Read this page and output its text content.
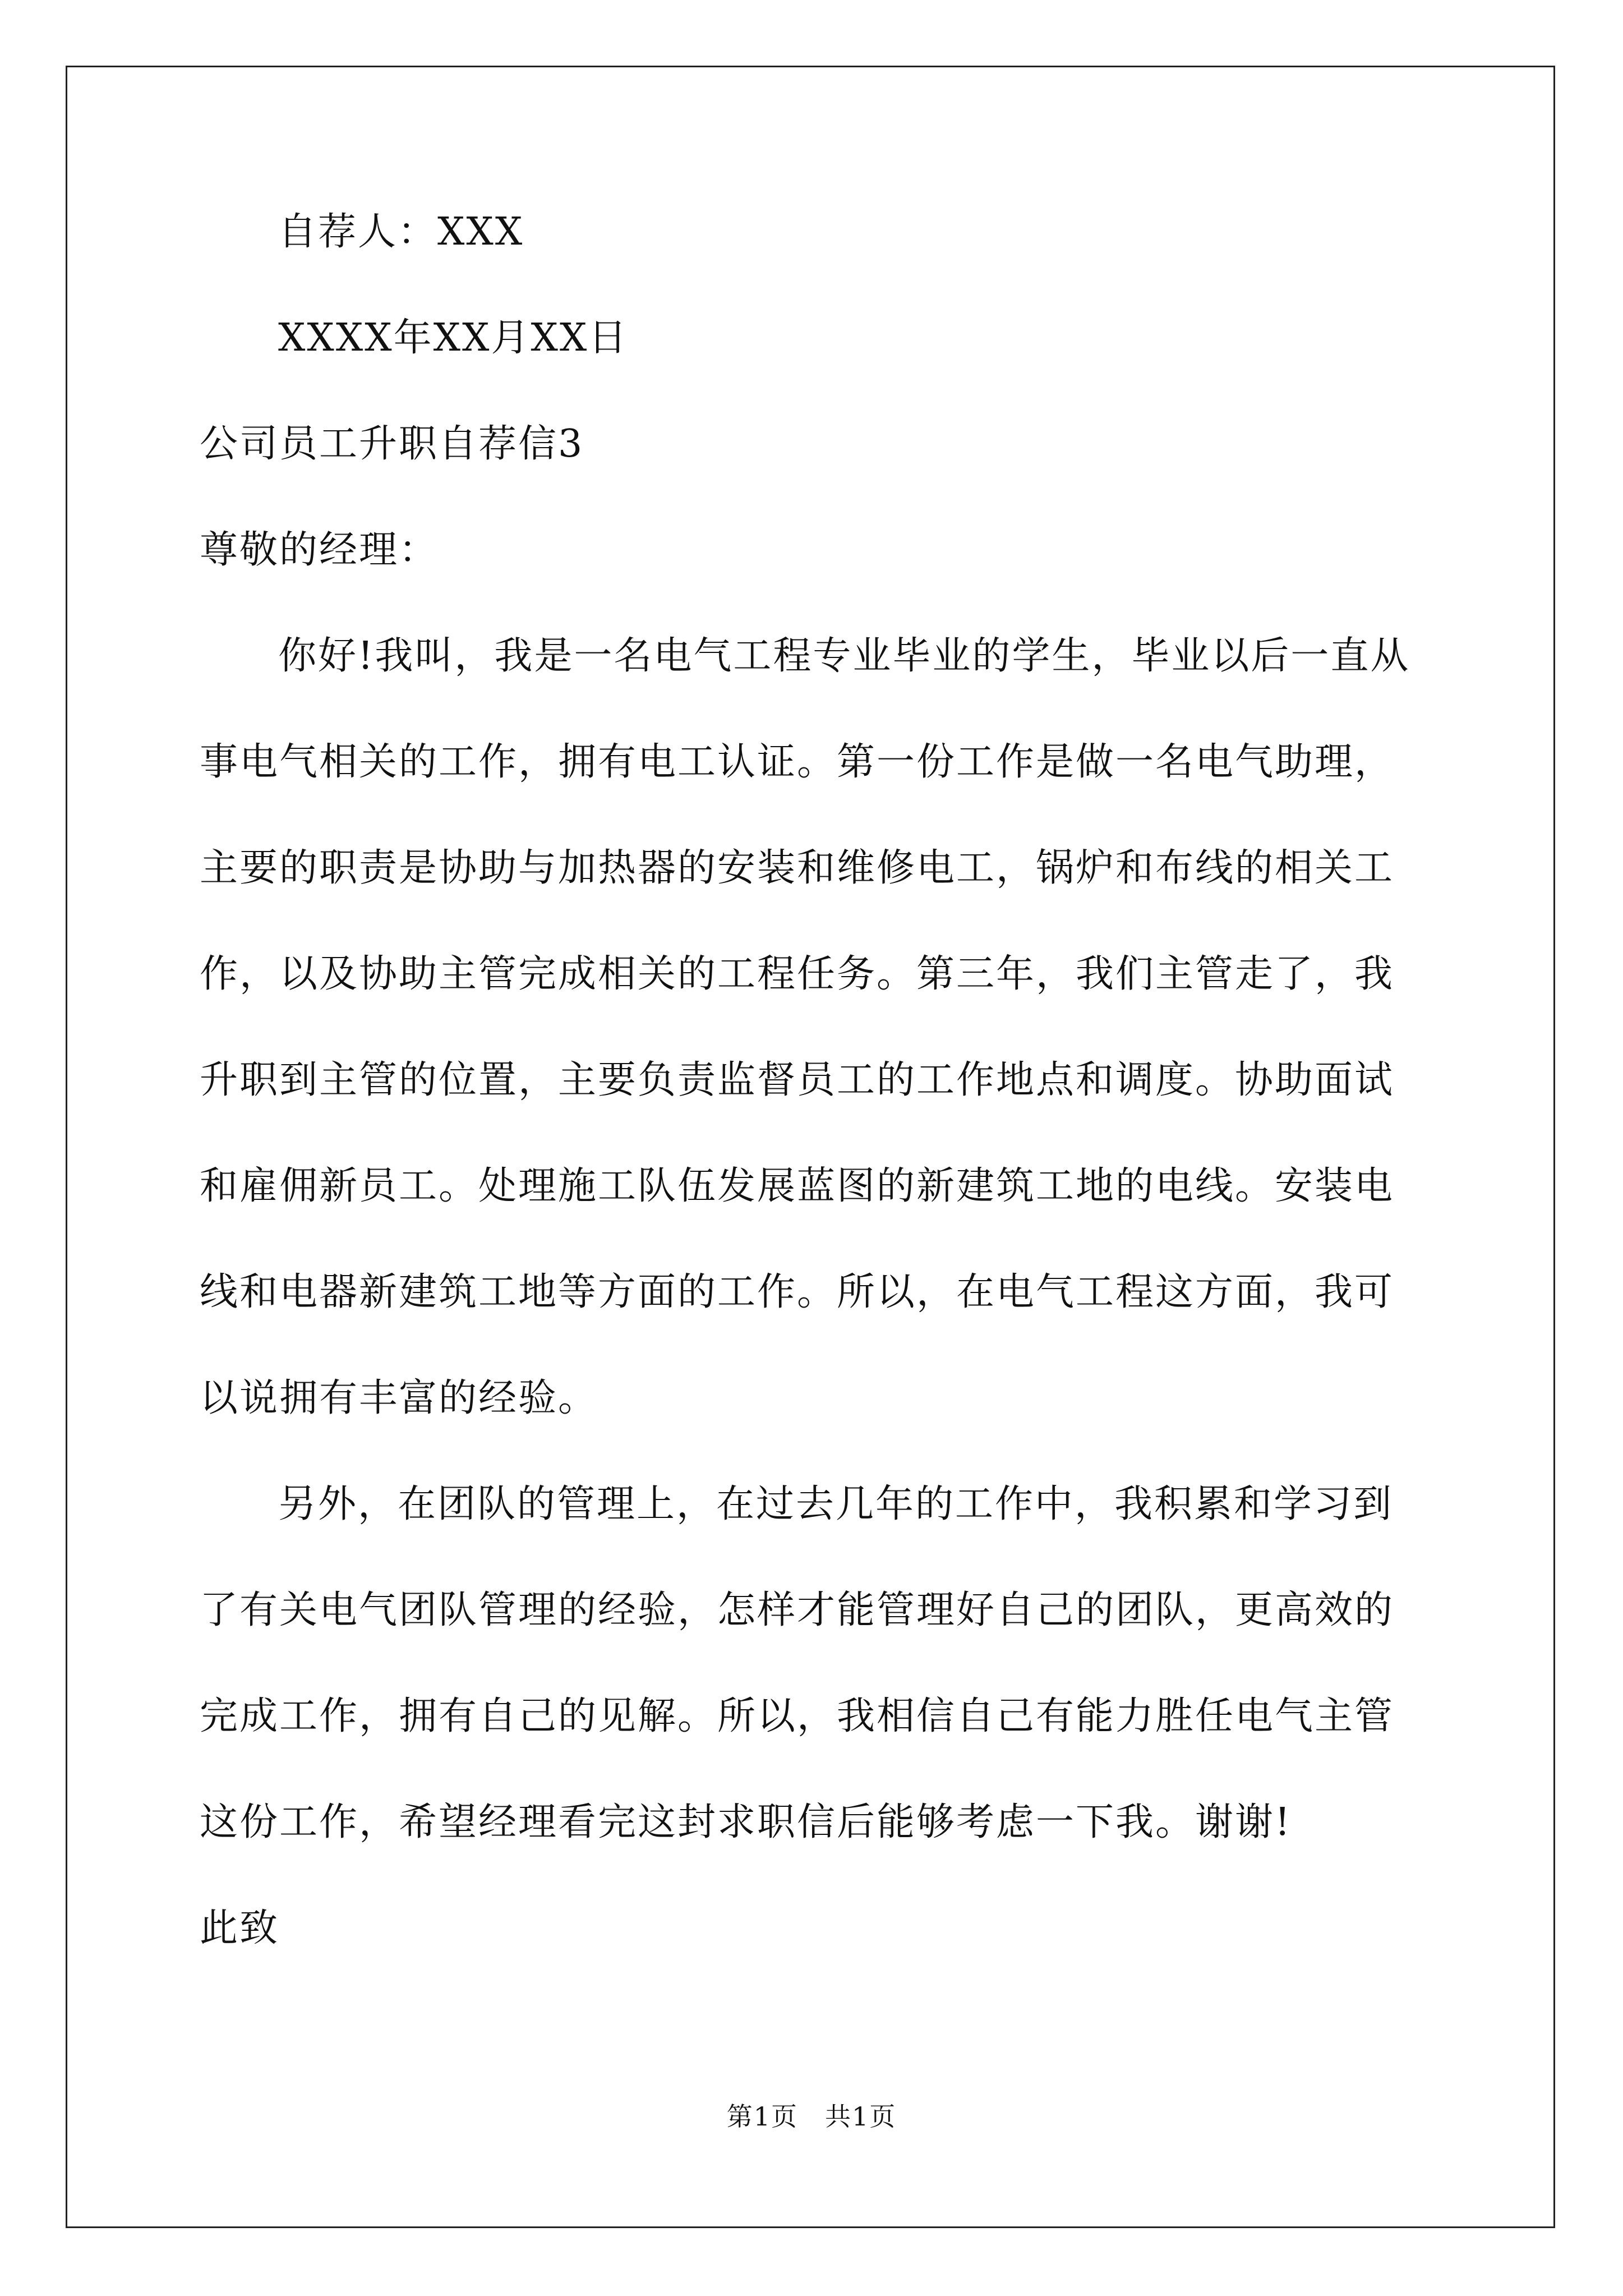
自荐人：XXX
XXXX年XX月XX日
公司员工升职自荐信3
尊敬的经理：
你好!我叫，我是一名电气工程专业毕业的学生，毕业以后一直从
事电气相关的工作，拥有电工认证。第一份工作是做一名电气助理，
主要的职责是协助与加热器的安装和维修电工，锅炉和布线的相关工
作，以及协助主管完成相关的工程任务。第三年，我们主管走了，我
升职到主管的位置，主要负责监督员工的工作地点和调度。协助面试
和雇佣新员工。处理施工队伍发展蓝图的新建筑工地的电线。安装电
线和电器新建筑工地等方面的工作。所以，在电气工程这方面，我可
以说拥有丰富的经验。
另外，在团队的管理上，在过去几年的工作中，我积累和学习到
了有关电气团队管理的经验，怎样才能管理好自己的团队，更高效的
完成工作，拥有自己的见解。所以，我相信自己有能力胜任电气主管
这份工作，希望经理看完这封求职信后能够考虑一下我。谢谢!
此致
第1页　共1页
